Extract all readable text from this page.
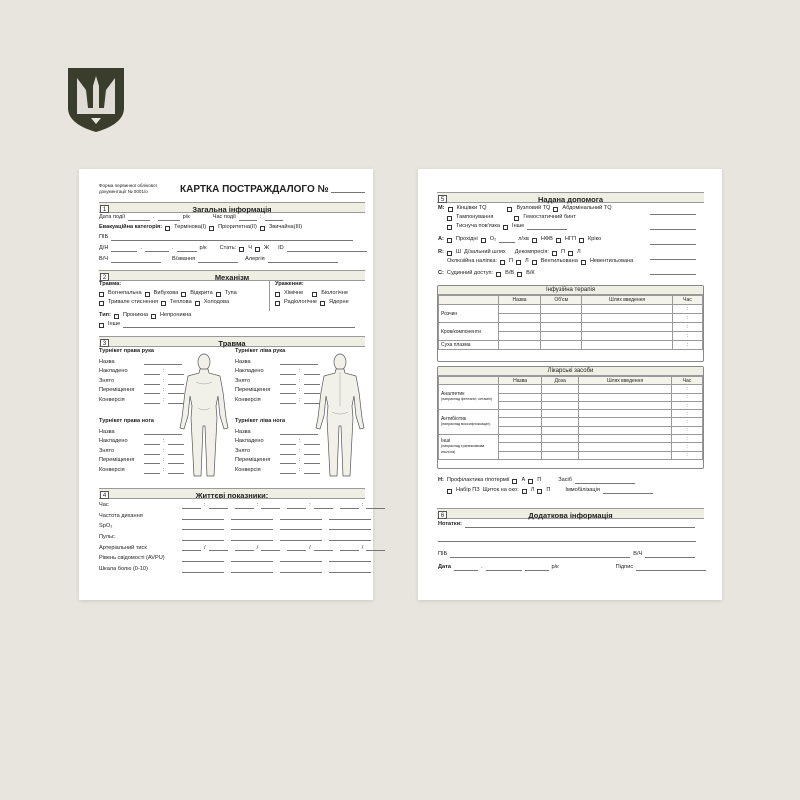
Форма первинної облікової
документації № 0001/о	КАРТКА ПОСТРАЖДАЛОГО №
1	Загальна інформація
Дата події	.	р/к	Час події	:
Евакуаційна категорія: Термінова(І) Пріоритетна(ІІ) Звичайна(ІІІ)
ПІБ
Д/Н	.	.	р/к Стать: Ч Ж ID
В/Ч	В/звання	Алергія
2	Механізм
Травма:
Вогнепальна Вибухова Відкрита Тупа
Тривале стиснення Теплова Холодова
Ураження:
Хімічне	Біологічне
Радіологічне Ядерне
Тип: Проникна Непроникна
Інше
3	Травма
Турнікет права рука
Назва
Накладено	:
Знято	:
Переміщення	:
Конверсія	:
Турнікет ліва рука
Назва
Накладено	:
Знято	:
Переміщення	:
Конверсія	:
Турнікет права нога
Назва
Накладено	:
Знято	:
Переміщення	:
Конверсія	:
Турнікет ліва нога
Назва
Накладено	:
Знято	:
Переміщення	:
Конверсія	:
4	Життєві показники:
Час	:	:	:	:
Частота дихання
SpO₂
Пульс
Артеріальний тиск	/	/	/	/
Рівень свідомості (AVPU)
Шкала болю (0-10)
5	Надана допомога
M: Кінцівки TQ	Вузловий TQ Абдомінальний TQ
Тампонування	Гемостатичний бинт
Тиснуча пов'язка Інше
A: Прохідні O₂	л/хв НФВ НГП Кріко
R: Ш Д/зальний шлях Декомпресія: П Л
Оклюзійна наліпка: П Л Вентильована Невентильована
C: Судинний доступ: В/В В/К
Інфузійна терапія
	Назва	Об'єм	Шлях введення	Час
Розчин				:
				:
Кров/компоненти				:
				:
Суха плазма				:
Лікарські засоби
	Назва	Доза	Шлях введення	Час
Аналгетик
(наприклад фентаніл, кетамін)				:
				:
				:
Антибіотик
(наприклад моксифлоксацин)				:
				:
				:
Інші
(наприклад транексамова кислота)				:
				:
				:
H: Профілактика гіпотермії А П	Засіб
Набір ПЗ Щиток на око: Л П	Іммобілізація
6	Додаткова інформація
Нотатки:
ПІБ	В/Ч
Дата	.	р/к	Підпис
